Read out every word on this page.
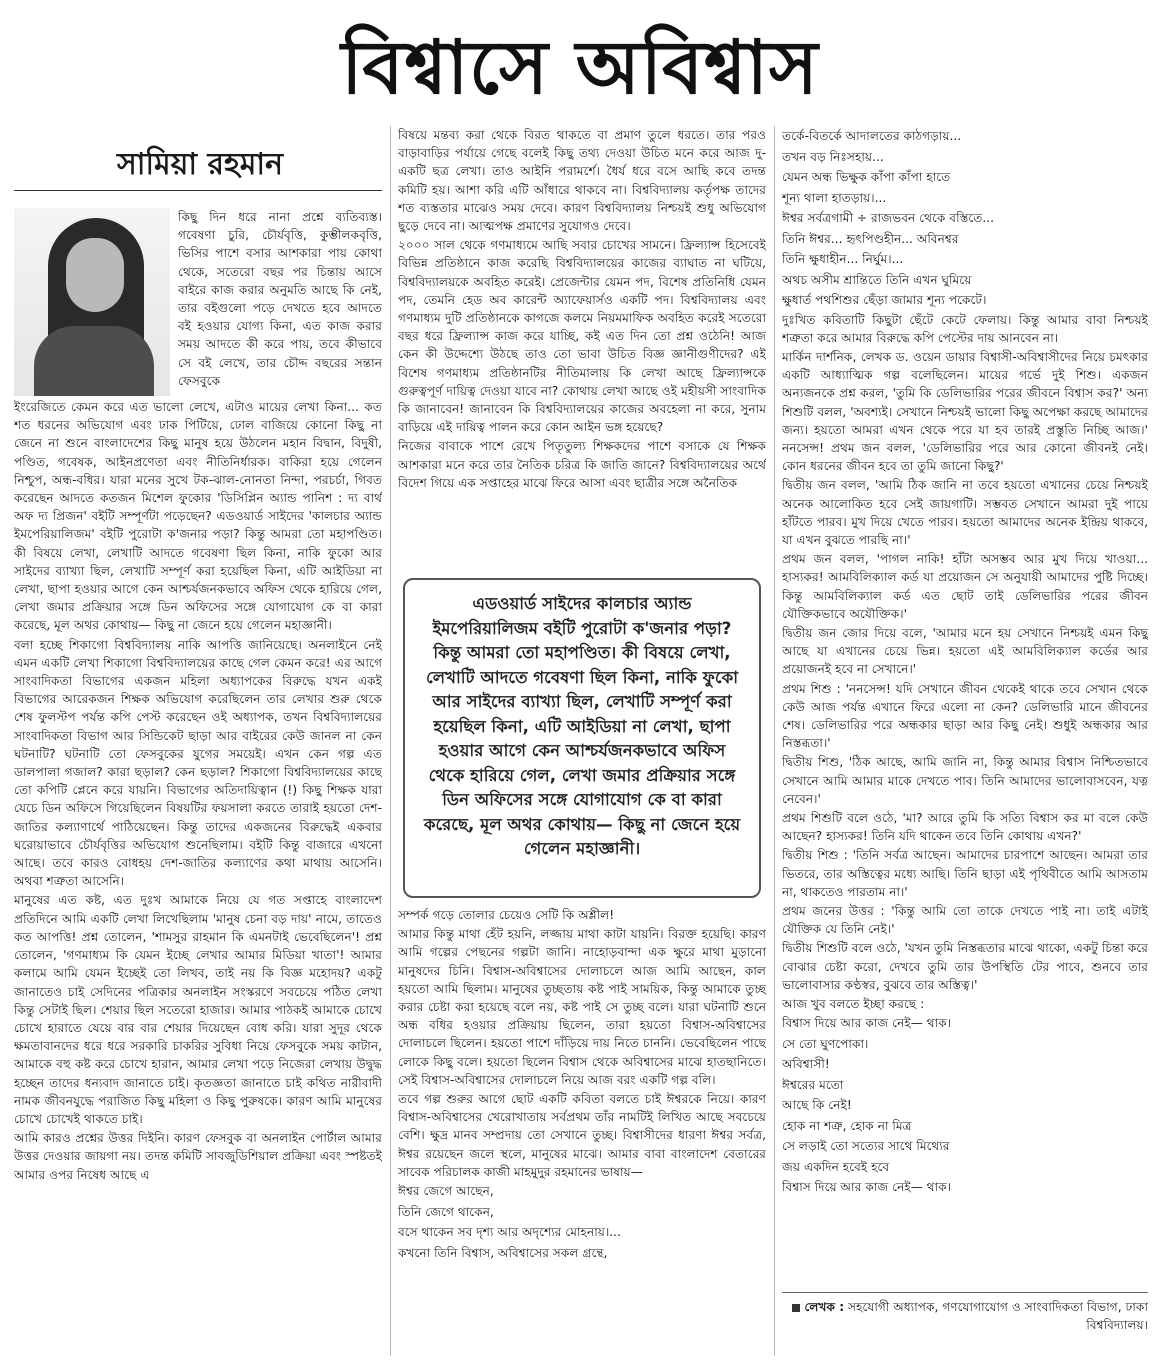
বিশ্বাসে অবিশ্বাস
সামিয়া রহমান

কিছু দিন ধরে নানা প্রশ্নে ব্যতিব্যস্ত। গবেষণা চুরি, চৌর্যবৃত্তি, কুম্ভীলকবৃত্তি, ভিসির পাশে বসার আশকারা পায় কোথা থেকে, সতেরো বছর পর চিন্তায় আসে বাইরে কাজ করার অনুমতি আছে কি নেই, তার বইগুলো পড়ে দেখতে হবে আদতে বই হওয়ার যোগ্য কিনা, এত কাজ করার সময় আদতে কী করে পায়, তবে কীভাবে সে বই লেখে, তার চৌদ্দ বছরের সন্তান ফেসবুকে

ইংরেজিতে কেমন করে এত ভালো লেখে, এটাও মায়ের লেখা কিনা... কত শত ধরনের অভিযোগ এবং ঢাক পিটিয়ে, ঢোল বাজিয়ে কোনো কিছু না জেনে না শুনে বাংলাদেশের কিছু মানুষ হয়ে উঠলেন মহান বিদ্বান, বিদুষী, পণ্ডিত, গবেষক, আইনপ্রণেতা এবং নীতিনির্ধারক। বাকিরা হয়ে গেলেন নিশ্চুপ, অন্ধ-বধির। যারা মনের সুখে টক-ঝাল-নোনতা নিন্দা, পরচর্চা, গিবত করেছেন আদতে কতজন মিশেল ফুকোর 'ডিসিপ্লিন অ্যান্ড পানিশ : দ্য বার্থ অফ দ্য প্রিজন' বইটি সম্পূর্ণটা পড়েছেন? এডওয়ার্ড সাইদের 'কালচার অ্যান্ড ইমপেরিয়ালিজম' বইটি পুরোটা ক'জনার পড়া? কিন্তু আমরা তো মহাপণ্ডিত। কী বিষয়ে লেখা, লেখাটি আদতে গবেষণা ছিল কিনা, নাকি ফুকো আর সাইদের ব্যাখ্যা ছিল, লেখাটি সম্পূর্ণ করা হয়েছিল কিনা, এটি আইডিয়া না লেখা, ছাপা হওয়ার আগে কেন আশ্চর্যজনকভাবে অফিস থেকে হারিয়ে গেল, লেখা জমার প্রক্রিয়ার সঙ্গে ডিন অফিসের সঙ্গে যোগাযোগ কে বা কারা করেছে, মূল অথর কোথায়— কিছু না জেনে হয়ে গেলেন মহাজ্ঞানী।

বলা হচ্ছে শিকাগো বিশ্ববিদ্যালয় নাকি আপত্তি জানিয়েছে। অনলাইনে নেই এমন একটি লেখা শিকাগো বিশ্ববিদ্যালয়ের কাছে গেল কেমন করে! এর আগে সাংবাদিকতা বিভাগের একজন মহিলা অধ্যাপকের বিরুদ্ধে যখন একই বিভাগের আরেকজন শিক্ষক অভিযোগ করেছিলেন তার লেখার শুরু থেকে শেষ ফুলস্টপ পর্যন্ত কপি পেস্ট করেছেন ওই অধ্যাপক, তখন বিশ্ববিদ্যালয়ের সাংবাদিকতা বিভাগ আর সিন্ডিকেট ছাড়া আর বাইরের কেউ জানল না কেন ঘটনাটি? ঘটনাটি তো ফেসবুকের যুগের সময়েই। এখন কেন গল্প এত ডালপালা গজাল? কারা ছড়াল? কেন ছড়াল? শিকাগো বিশ্ববিদ্যালয়ের কাছে তো কপিটি প্লেনে করে যায়নি। বিভাগের অতিদায়িত্বান (!) কিছু শিক্ষক যারা যেচে ডিন অফিসে গিয়েছিলেন বিষয়টির ফয়সালা করতে তারাই হয়তো দেশ-জাতির কল্যাণার্থে পাঠিয়েছেন। কিন্তু তাদের একজনের বিরুদ্ধেই একবার ঘরোয়াভাবে চৌর্যবৃত্তির অভিযোগ শুনেছিলাম। বইটি কিন্তু বাজারে এখনো আছে। তবে কারও বোধহয় দেশ-জাতির কল্যাণের কথা মাথায় আসেনি। অথবা শত্রুতা আসেনি।

মানুষের এত কষ্ট, এত দুঃখ আমাকে নিয়ে যে গত সপ্তাহে বাংলাদেশ প্রতিদিনে আমি একটি লেখা লিখেছিলাম 'মানুষ চেনা বড় দায়' নামে, তাতেও কত আপত্তি! প্রশ্ন তোলেন, 'শামসুর রাহমান কি এমনটাই ভেবেছিলেন'! প্রশ্ন তোলেন, 'গণমাধ্যম কি যেমন ইচ্ছে লেখার আমার মিডিয়া খাতা'! আমার কলামে আমি যেমন ইচ্ছেই তো লিখব, তাই নয় কি বিজ্ঞ মহোদয়? একটু জানাতেও চাই সেদিনের পত্রিকার অনলাইন সংস্করণে সবচেয়ে পঠিত লেখা কিন্তু সেটাই ছিল। শেয়ার ছিল সতেরো হাজার। আমার পাঠকই আমাকে চোখে চোখে হারাতে যেয়ে বার বার শেয়ার দিয়েছেন বোধ করি। যারা সুদূর থেকে ক্ষমতাবানদের ধরে ধরে সরকারি চাকরির সুবিধা নিয়ে ফেসবুকে সময় কাটান, আমাকে বহু কষ্ট করে চোখে হারান, আমার লেখা পড়ে নিজেরা লেখায় উদ্বুদ্ধ হচ্ছেন তাদের ধন্যবাদ জানাতে চাই। কৃতজ্ঞতা জানাতে চাই কথিত নারীবাদী নামক জীবনযুদ্ধে পরাজিত কিছু মহিলা ও কিছু পুরুষকে। কারণ আমি মানুষের চোখে চোখেই থাকতে চাই।

আমি কারও প্রশ্নের উত্তর দিইনি। কারণ ফেসবুক বা অনলাইন পোর্টাল আমার উত্তর দেওয়ার জায়গা নয়। তদন্ত কমিটি সাবজুডিশিয়াল প্রক্রিয়া এবং স্পষ্টতই আমার ওপর নিষেধ আছে এ

বিষয়ে মন্তব্য করা থেকে বিরত থাকতে বা প্রমাণ তুলে ধরতে। তার পরও বাড়াবাড়ির পর্যায়ে গেছে বলেই কিছু তথ্য দেওয়া উচিত মনে করে আজ দু-একটি ছত্র লেখা। তাও আইনি পরামর্শে। ধৈর্য ধরে বসে আছি কবে তদন্ত কমিটি হয়। আশা করি এটি আঁধারে থাকবে না। বিশ্ববিদ্যালয় কর্তৃপক্ষ তাদের শত ব্যস্ততার মাঝেও সময় দেবে। কারণ বিশ্ববিদ্যালয় নিশ্চয়ই শুধু অভিযোগ ছুড়ে দেবে না। আত্মপক্ষ প্রমাণের সুযোগও দেবে।

২০০০ সাল থেকে গণমাধ্যমে আছি সবার চোখের সামনে। ফ্রিল্যান্স হিসেবেই বিভিন্ন প্রতিষ্ঠানে কাজ করেছি বিশ্ববিদ্যালয়ের কাজের ব্যাঘাত না ঘটিয়ে, বিশ্ববিদ্যালয়কে অবহিত করেই। প্রেজেন্টার যেমন পদ, বিশেষ প্রতিনিধি যেমন পদ, তেমনি হেড অব কারেন্ট অ্যাফেয়ার্সও একটি পদ। বিশ্ববিদ্যালয় এবং গণমাধ্যম দুটি প্রতিষ্ঠানকে কাগজে কলমে নিয়মমাফিক অবহিত করেই সতেরো বছর ধরে ফ্রিল্যান্স কাজ করে যাচ্ছি, কই এত দিন তো প্রশ্ন ওঠেনি! আজ কেন কী উদ্দেশ্যে উঠছে তাও তো ভাবা উচিত বিজ্ঞ জ্ঞানীগুণীদের? এই বিশেষ গণমাধ্যম প্রতিষ্ঠানটির নীতিমালায় কি লেখা আছে ফ্রিল্যান্সকে গুরুত্বপূর্ণ দায়িত্ব দেওয়া যাবে না? কোথায় লেখা আছে ওই মহীয়সী সাংবাদিক কি জানাবেন! জানাবেন কি বিশ্ববিদ্যালয়ের কাজের অবহেলা না করে, সুনাম বাড়িয়ে এই দায়িত্ব পালন করে কোন আইন ভঙ্গ হয়েছে?

নিজের বাবাকে পাশে রেখে পিতৃতুল্য শিক্ষকদের পাশে বসাকে যে শিক্ষক আশকারা মনে করে তার নৈতিক চরিত্র কি জাতি জানে? বিশ্ববিদ্যালয়ের অর্থে বিদেশ গিয়ে এক সপ্তাহের মাঝে ফিরে আসা এবং ছাত্রীর সঙ্গে অনৈতিক

এডওয়ার্ড সাইদের কালচার অ্যান্ড ইমপেরিয়ালিজম বইটি পুরোটা ক'জনার পড়া? কিন্তু আমরা তো মহাপণ্ডিত। কী বিষয়ে লেখা, লেখাটি আদতে গবেষণা ছিল কিনা, নাকি ফুকো আর সাইদের ব্যাখ্যা ছিল, লেখাটি সম্পূর্ণ করা হয়েছিল কিনা, এটি আইডিয়া না লেখা, ছাপা হওয়ার আগে কেন আশ্চর্যজনকভাবে অফিস থেকে হারিয়ে গেল, লেখা জমার প্রক্রিয়ার সঙ্গে ডিন অফিসের সঙ্গে যোগাযোগ কে বা কারা করেছে, মূল অথর কোথায়— কিছু না জেনে হয়ে গেলেন মহাজ্ঞানী।

সম্পর্ক গড়ে তোলার চেয়েও সেটি কি অশ্লীল!

আমার কিন্তু মাথা হেঁট হয়নি, লজ্জায় মাথা কাটা যায়নি। বিরক্ত হয়েছি। কারণ আমি গল্পের পেছনের গল্পটা জানি। নাহোড়বান্দা এক ক্ষুরে মাথা মুড়ানো মানুষদের চিনি। বিশ্বাস-অবিশ্বাসের দোলাচলে আজ আমি আছেন, কাল হয়তো আমি ছিলাম। মানুষের তুচ্ছতায় কষ্ট পাই সাময়িক, কিন্তু আমাকে তুচ্ছ করার চেষ্টা করা হয়েছে বলে নয়, কষ্ট পাই সে তুচ্ছ বলে। যারা ঘটনাটি শুনে অন্ধ বধির হওয়ার প্রক্রিয়ায় ছিলেন, তারা হয়তো বিশ্বাস-অবিশ্বাসের দোলাচলে ছিলেন। হয়তো পাশে দাঁড়িয়ে দায় নিতে চাননি। ভেবেছিলেন পাছে লোকে কিছু বলে। হয়তো ছিলেন বিশ্বাস থেকে অবিশ্বাসের মাঝে হাতছানিতে। সেই বিশ্বাস-অবিশ্বাসের দোলাচলে নিয়ে আজ বরং একটি গল্প বলি।

তবে গল্প শুরুর আগে ছোট একটি কবিতা বলতে চাই ঈশ্বরকে নিয়ে। কারণ বিশ্বাস-অবিশ্বাসের খেরোখাতায় সর্বপ্রথম তাঁর নামটিই লিখিত আছে সবচেয়ে বেশি। ক্ষুদ্র মানব সম্প্রদায় তো সেখানে তুচ্ছ। বিশ্বাসীদের ধারণা ঈশ্বর সর্বত্র, ঈশ্বর রয়েছেন জলে স্থলে, মানুষের মাঝে। আমার বাবা বাংলাদেশ বেতারের সাবেক পরিচালক কাজী মাহমুদুর রহমানের ভাষায়—

ঈশ্বর জেগে আছেন,
তিনি জেগে থাকেন,
বসে থাকেন সব দৃশ্য আর অদৃশ্যের মোহনায়।...
কখনো তিনি বিশ্বাস, অবিশ্বাসের সকল গ্রন্থে,
তর্কে-বিতর্কে আদালতের কাঠগড়ায়...
তখন বড় নিঃসহায়...
যেমন অন্ধ ভিক্ষুক কাঁপা কাঁপা হাতে
শূন্য থালা হাতড়ায়।...
ঈশ্বর সর্বত্রগামী ÷ রাজভবন থেকে বস্তিতে...
তিনি ঈশ্বর... হৃৎপিণ্ডহীন... অবিনশ্বর
তিনি ক্ষুধাহীন... নির্ঘুম।...
অথচ অসীম শ্রান্তিতে তিনি এখন ঘুমিয়ে
ক্ষুধার্ত পথশিশুর ছেঁড়া জামার শূন্য পকেটে।

দুঃখিত কবিতাটি কিছুটা ছেঁটে কেটে ফেলায়। কিন্তু আমার বাবা নিশ্চয়ই শত্রুতা করে আমার বিরুদ্ধে কপি পেস্টের দায় আনবেন না।

মার্কিন দার্শনিক, লেখক ড. ওয়েন ডায়ার বিশ্বাসী-অবিশ্বাসীদের নিয়ে চমৎকার একটি আধ্যাত্মিক গল্প বলেছিলেন। মায়ের গর্ভে দুই শিশু। একজন অন্যজনকে প্রশ্ন করল, 'তুমি কি ডেলিভারির পরের জীবনে বিশ্বাস কর?' অন্য শিশুটি বলল, 'অবশ্যই। সেখানে নিশ্চয়ই ভালো কিছু অপেক্ষা করছে আমাদের জন্য। হয়তো আমরা এখন থেকে পরে যা হব তারই প্রস্তুতি নিচ্ছি আজ।' ননসেন্স! প্রথম জন বলল, 'ডেলিভারির পরে আর কোনো জীবনই নেই। কোন ধরনের জীবন হবে তা তুমি জানো কিছু?'

দ্বিতীয় জন বলল, 'আমি ঠিক জানি না তবে হয়তো এখানের চেয়ে নিশ্চয়ই অনেক আলোকিত হবে সেই জায়গাটি। সম্ভবত সেখানে আমরা দুই পায়ে হাঁটতে পারব। মুখ দিয়ে খেতে পারব। হয়তো আমাদের অনেক ইন্দ্রিয় থাকবে, যা এখন বুঝতে পারছি না।'

প্রথম জন বলল, 'পাগল নাকি! হাঁটা অসম্ভব আর মুখ দিয়ে খাওয়া... হাস্যকর! আমবিলিক্যাল কর্ড যা প্রয়োজন সে অনুযায়ী আমাদের পুষ্টি দিচ্ছে। কিন্তু আমবিলিক্যাল কর্ড এত ছোট তাই ডেলিভারির পরের জীবন যৌক্তিকভাবে অযৌক্তিক।'

দ্বিতীয় জন জোর দিয়ে বলে, 'আমার মনে হয় সেখানে নিশ্চয়ই এমন কিছু আছে যা এখানের চেয়ে ভিন্ন। হয়তো এই আমবিলিক্যাল কর্ডের আর প্রয়োজনই হবে না সেখানে।'

প্রথম শিশু : 'ননসেন্স! যদি সেখানে জীবন থেকেই থাকে তবে সেখান থেকে কেউ আজ পর্যন্ত এখানে ফিরে এলো না কেন? ডেলিভারি মানে জীবনের শেষ। ডেলিভারির পরে অন্ধকার ছাড়া আর কিছু নেই। শুধুই অন্ধকার আর নিস্তব্ধতা।'

দ্বিতীয় শিশু, 'ঠিক আছে, আমি জানি না, কিন্তু আমার বিশ্বাস নিশ্চিতভাবে সেখানে আমি আমার মাকে দেখতে পাব। তিনি আমাদের ভালোবাসবেন, যত্ন নেবেন।'

প্রথম শিশুটি বলে ওঠে, 'মা? আরে তুমি কি সত্যি বিশ্বাস কর মা বলে কেউ আছেন? হাস্যকর! তিনি যদি থাকেন তবে তিনি কোথায় এখন?'

দ্বিতীয় শিশু : 'তিনি সর্বত্র আছেন। আমাদের চারপাশে আছেন। আমরা তার ভিতরে, তার অস্তিত্বের মধ্যে আছি। তিনি ছাড়া এই পৃথিবীতে আমি আসতাম না, থাকতেও পারতাম না।'

প্রথম জনের উত্তর : 'কিন্তু আমি তো তাকে দেখতে পাই না। তাই এটাই যৌক্তিক যে তিনি নেই।'

দ্বিতীয় শিশুটি বলে ওঠে, 'যখন তুমি নিস্তব্ধতার মাঝে থাকো, একটু চিন্তা করে বোঝার চেষ্টা করো, দেখবে তুমি তার উপস্থিতি টের পাবে, শুনবে তার ভালোবাসার কণ্ঠস্বর, বুঝবে তার অস্তিত্ব।'

আজ খুব বলতে ইচ্ছা করছে :

বিশ্বাস দিয়ে আর কাজ নেই— থাক।
সে তো ঘুণপোকা।
অবিশ্বাসী!
ঈশ্বরের মতো
আছে কি নেই!
হোক না শত্রু, হোক না মিত্র
সে লড়াই তো সত্যের সাথে মিথ্যের
জয় একদিন হবেই হবে
বিশ্বাস দিয়ে আর কাজ নেই— থাক।
লেখক : সহযোগী অধ্যাপক, গণযোগাযোগ ও সাংবাদিকতা বিভাগ, ঢাকা বিশ্ববিদ্যালয়।
